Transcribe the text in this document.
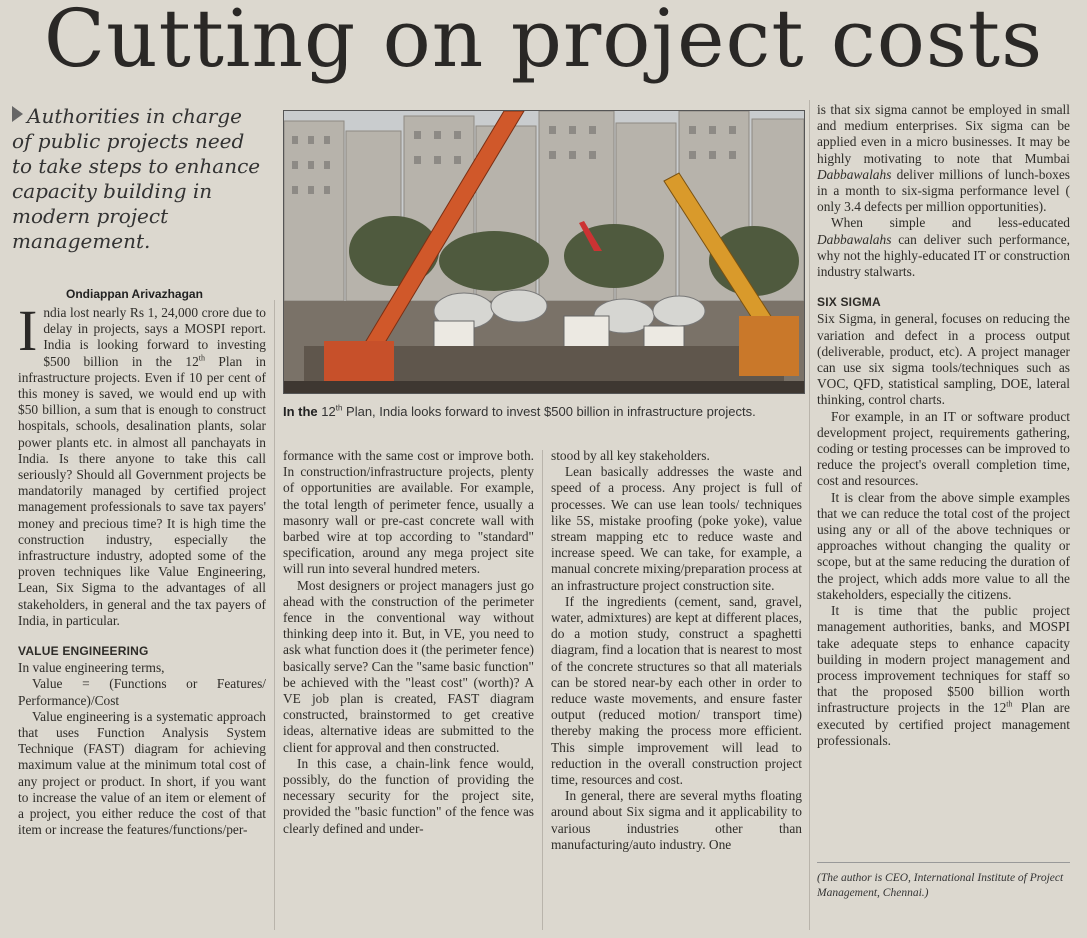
Cutting on project costs
Authorities in charge of public projects need to take steps to enhance capacity building in modern project management.
Ondiappan Arivazhagan

India lost nearly Rs 1, 24,000 crore due to delay in projects, says a MOSPI report. India is looking forward to investing $500 billion in the 12th Plan in infrastructure projects. Even if 10 per cent of this money is saved, we would end up with $50 billion, a sum that is enough to construct hospitals, schools, desalination plants, solar power plants etc. in almost all panchayats in India. Is there anyone to take this call seriously? Should all Government projects be mandatorily managed by certified project management professionals to save tax payers' money and precious time? It is high time the construction industry, especially the infrastructure industry, adopted some of the proven techniques like Value Engineering, Lean, Six Sigma to the advantages of all stakeholders, in general and the tax payers of India, in particular.

VALUE ENGINEERING

In value engineering terms,

Value = (Functions or Features/ Performance)/Cost

Value engineering is a systematic approach that uses Function Analysis System Technique (FAST) diagram for achieving maximum value at the minimum total cost of any project or product. In short, if you want to increase the value of an item or element of a project, you either reduce the cost of that item or increase the features/functions/per-

In the 12th Plan, India looks forward to invest $500 billion in infrastructure projects.

formance with the same cost or improve both. In construction/infrastructure projects, plenty of opportunities are available. For example, the total length of perimeter fence, usually a masonry wall or pre-cast concrete wall with barbed wire at top according to "standard" specification, around any mega project site will run into several hundred meters.

Most designers or project managers just go ahead with the construction of the perimeter fence in the conventional way without thinking deep into it. But, in VE, you need to ask what function does it (the perimeter fence) basically serve? Can the "same basic function" be achieved with the "least cost" (worth)? A VE job plan is created, FAST diagram constructed, brainstormed to get creative ideas, alternative ideas are submitted to the client for approval and then constructed.

In this case, a chain-link fence would, possibly, do the function of providing the necessary security for the project site, provided the "basic function" of the fence was clearly defined and under-

stood by all key stakeholders.

Lean basically addresses the waste and speed of a process. Any project is full of processes. We can use lean tools/ techniques like 5S, mistake proofing (poke yoke), value stream mapping etc to reduce waste and increase speed. We can take, for example, a manual concrete mixing/preparation process at an infrastructure project construction site.

If the ingredients (cement, sand, gravel, water, admixtures) are kept at different places, do a motion study, construct a spaghetti diagram, find a location that is nearest to most of the concrete structures so that all materials can be stored near-by each other in order to reduce waste movements, and ensure faster output (reduced motion/ transport time) thereby making the process more efficient. This simple improvement will lead to reduction in the overall construction project time, resources and cost.

In general, there are several myths floating around about Six sigma and it applicability to various industries other than manufacturing/auto industry. One

is that six sigma cannot be employed in small and medium enterprises. Six sigma can be applied even in a micro businesses. It may be highly motivating to note that Mumbai Dabbawalahs deliver millions of lunch-boxes in a month to six-sigma performance level ( only 3.4 defects per million opportunities).

When simple and less-educated Dabbawalahs can deliver such performance, why not the highly-educated IT or construction industry stalwarts.

SIX SIGMA

Six Sigma, in general, focuses on reducing the variation and defect in a process output (deliverable, product, etc). A project manager can use six sigma tools/techniques such as VOC, QFD, statistical sampling, DOE, lateral thinking, control charts.

For example, in an IT or software product development project, requirements gathering, coding or testing processes can be improved to reduce the project's overall completion time, cost and resources.

It is clear from the above simple examples that we can reduce the total cost of the project using any or all of the above techniques or approaches without changing the quality or scope, but at the same reducing the duration of the project, which adds more value to all the stakeholders, especially the citizens.

It is time that the public project management authorities, banks, and MOSPI take adequate steps to enhance capacity building in modern project management and process improvement techniques for staff so that the proposed $500 billion worth infrastructure projects in the 12th Plan are executed by certified project management professionals.

(The author is CEO, International Institute of Project Management, Chennai.)
